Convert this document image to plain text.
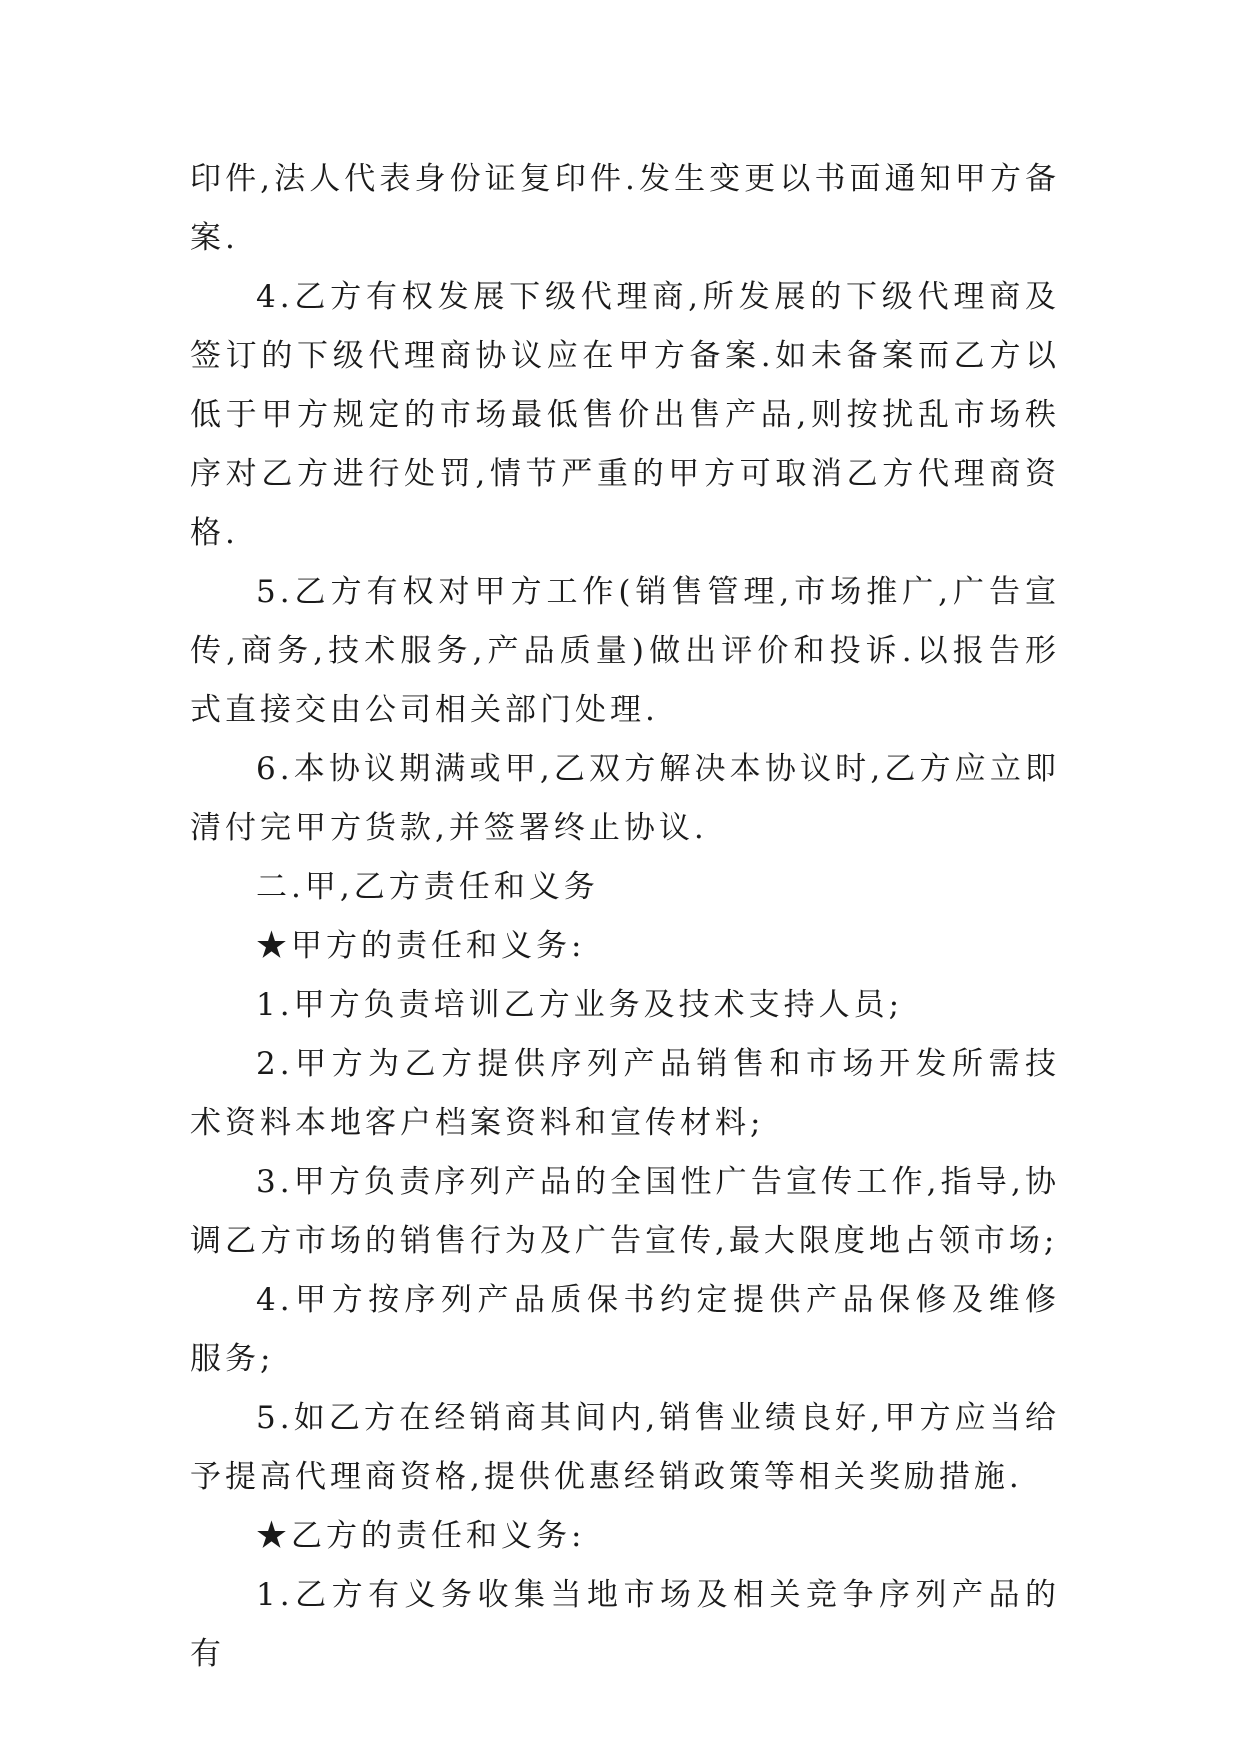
印件,法人代表身份证复印件.发生变更以书面通知甲方备案.

4.乙方有权发展下级代理商,所发展的下级代理商及签订的下级代理商协议应在甲方备案.如未备案而乙方以低于甲方规定的市场最低售价出售产品,则按扰乱市场秩序对乙方进行处罚,情节严重的甲方可取消乙方代理商资格.

5.乙方有权对甲方工作(销售管理,市场推广,广告宣传,商务,技术服务,产品质量)做出评价和投诉.以报告形式直接交由公司相关部门处理.

6.本协议期满或甲,乙双方解决本协议时,乙方应立即清付完甲方货款,并签署终止协议.

二.甲,乙方责任和义务

★甲方的责任和义务:

1.甲方负责培训乙方业务及技术支持人员;

2.甲方为乙方提供序列产品销售和市场开发所需技术资料本地客户档案资料和宣传材料;

3.甲方负责序列产品的全国性广告宣传工作,指导,协调乙方市场的销售行为及广告宣传,最大限度地占领市场;

4.甲方按序列产品质保书约定提供产品保修及维修服务;

5.如乙方在经销商其间内,销售业绩良好,甲方应当给予提高代理商资格,提供优惠经销政策等相关奖励措施.

★乙方的责任和义务:

1.乙方有义务收集当地市场及相关竞争序列产品的有
